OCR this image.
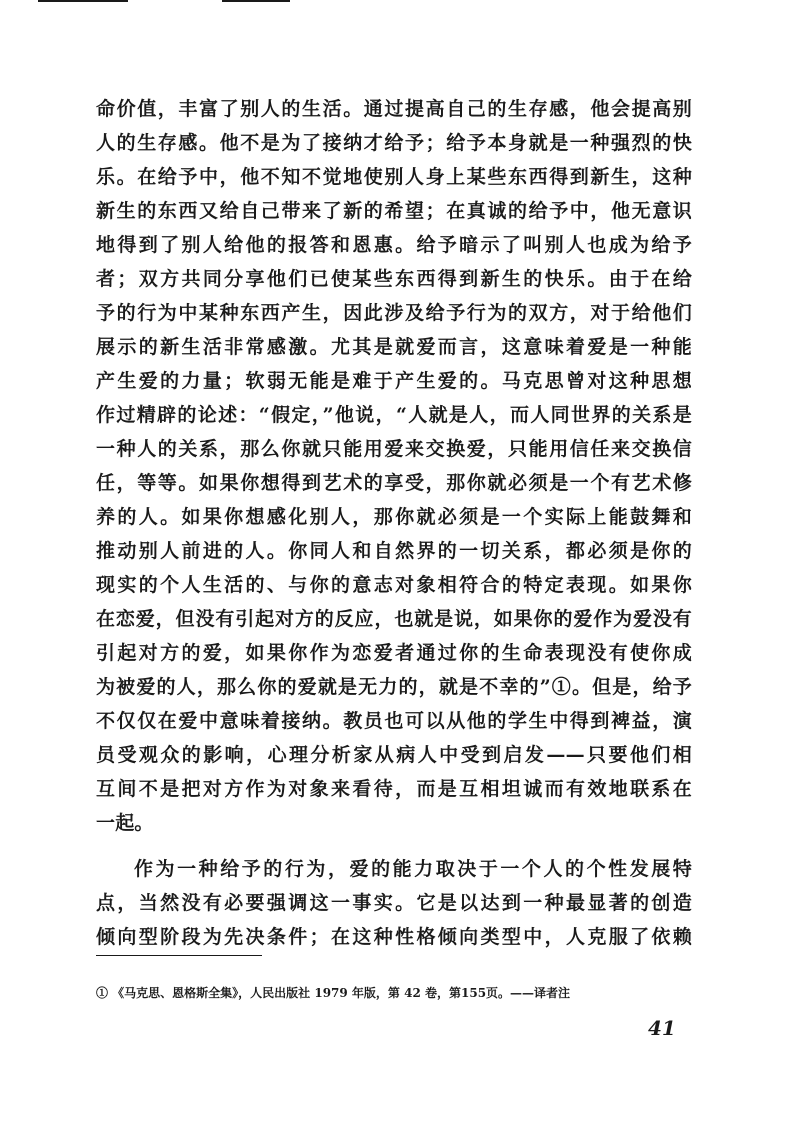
命价值，丰富了别人的生活。通过提高自己的生存感，他会提高别
人的生存感。他不是为了接纳才给予；给予本身就是一种强烈的快
乐。在给予中，他不知不觉地使别人身上某些东西得到新生，这种
新生的东西又给自己带来了新的希望；在真诚的给予中，他无意识
地得到了别人给他的报答和恩惠。给予暗示了叫别人也成为给予
者；双方共同分享他们已使某些东西得到新生的快乐。由于在给
予的行为中某种东西产生，因此涉及给予行为的双方，对于给他们
展示的新生活非常感激。尤其是就爱而言，这意味着爱是一种能
产生爱的力量；软弱无能是难于产生爱的。马克思曾对这种思想
作过精辟的论述：“假定，”他说，“人就是人，而人同世界的关系是
一种人的关系，那么你就只能用爱来交换爱，只能用信任来交换信
任，等等。如果你想得到艺术的享受，那你就必须是一个有艺术修
养的人。如果你想感化别人，那你就必须是一个实际上能鼓舞和
推动别人前进的人。你同人和自然界的一切关系，都必须是你的
现实的个人生活的、与你的意志对象相符合的特定表现。如果你
在恋爱，但没有引起对方的反应，也就是说，如果你的爱作为爱没有
引起对方的爱，如果你作为恋爱者通过你的生命表现没有使你成
为被爱的人，那么你的爱就是无力的，就是不幸的”①。但是，给予
不仅仅在爱中意味着接纳。教员也可以从他的学生中得到裨益，演
员受观众的影响，心理分析家从病人中受到启发——只要他们相
互间不是把对方作为对象来看待，而是互相坦诚而有效地联系在
一起。
作为一种给予的行为，爱的能力取决于一个人的个性发展特
点，当然没有必要强调这一事实。它是以达到一种最显著的创造
倾向型阶段为先决条件；在这种性格倾向类型中，人克服了依赖
① 《马克思、恩格斯全集》，人民出版社 1979 年版，第 42 卷，第155页。——译者注
41
